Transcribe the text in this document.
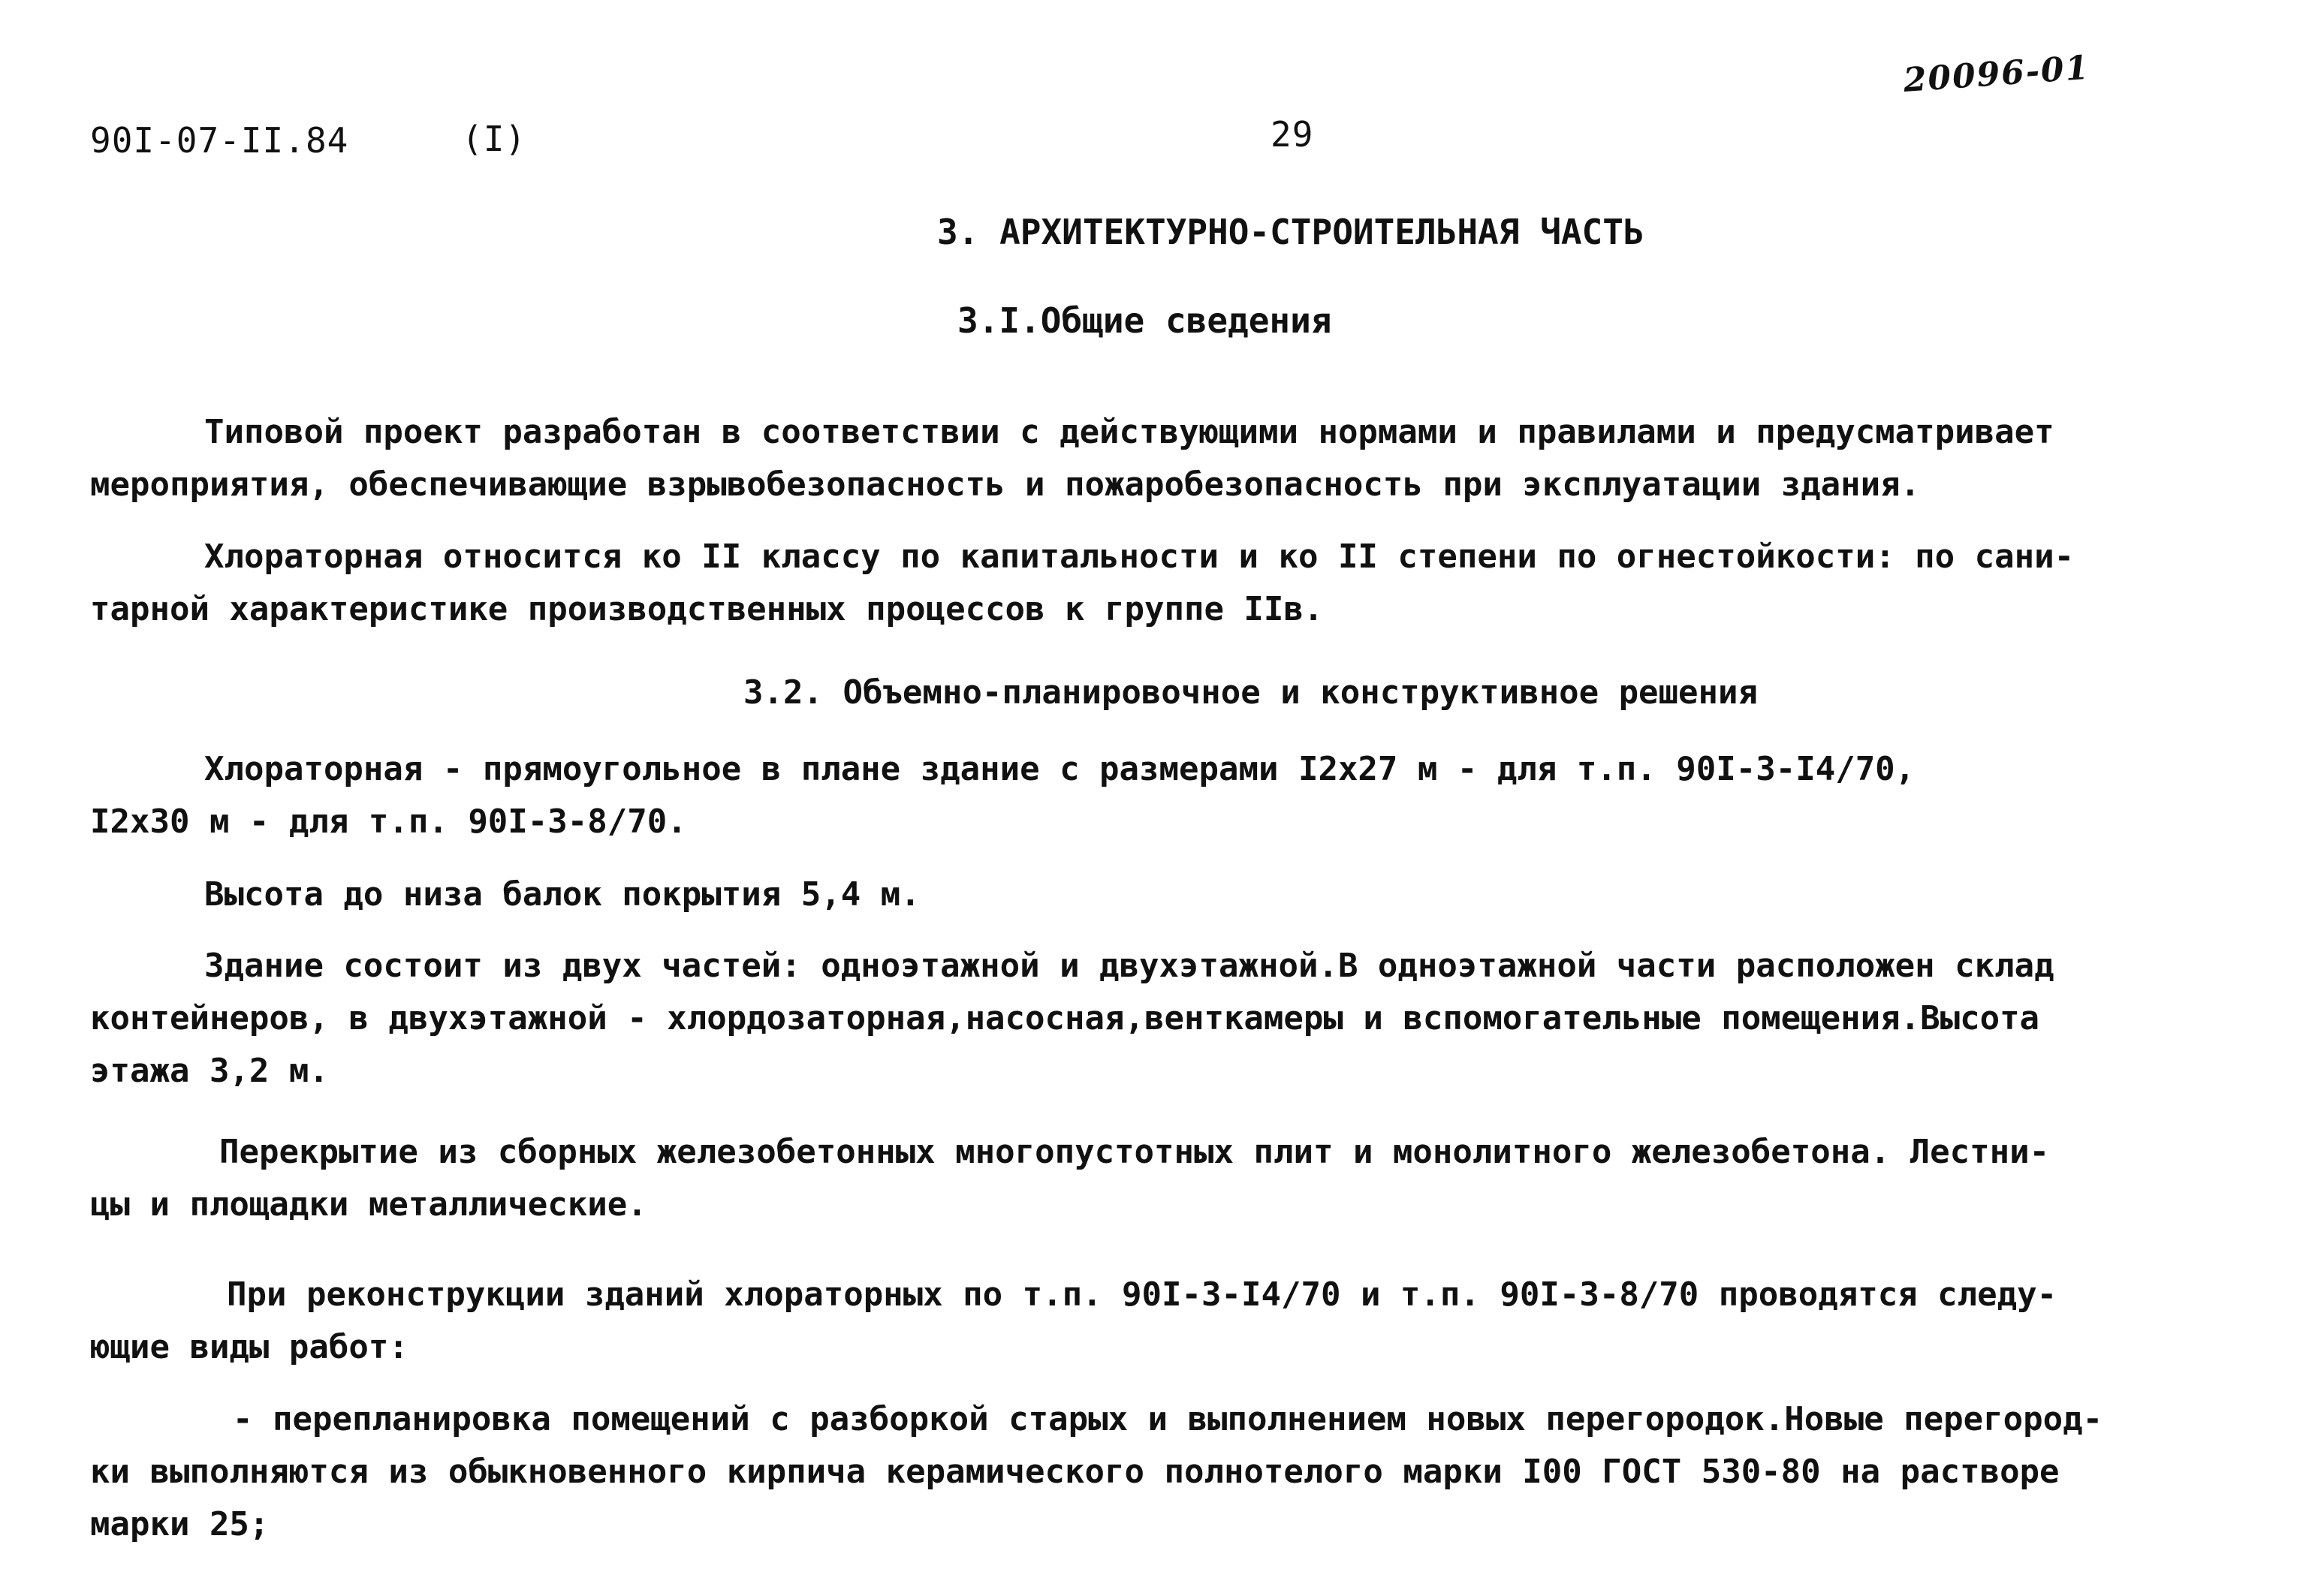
20096-01
90I-07-II.84	(I)	29
3. АРХИТЕКТУРНО-СТРОИТЕЛЬНАЯ ЧАСТЬ
3.I.Общие сведения
Типовой проект разработан в соответствии с действующими нормами и правилами и предусматривает
мероприятия, обеспечивающие взрывобезопасность и пожаробезопасность при эксплуатации здания.
Хлораторная относится ко II классу по капитальности и ко II степени по огнестойкости: по сани-
тарной характеристике производственных процессов к группе IIв.
3.2. Объемно-планировочное и конструктивное решения
Хлораторная - прямоугольное в плане здание с размерами I2х27 м - для т.п. 90I-3-I4/70,
I2х30 м - для т.п. 90I-3-8/70.
Высота до низа балок покрытия 5,4 м.
Здание состоит из двух частей: одноэтажной и двухэтажной.В одноэтажной части расположен склад
контейнеров, в двухэтажной - хлордозаторная,насосная,венткамеры и вспомогательные помещения.Высота
этажа 3,2 м.
Перекрытие из сборных железобетонных многопустотных плит и монолитного железобетона. Лестни-
цы и площадки металлические.
При реконструкции зданий хлораторных по т.п. 90I-3-I4/70 и т.п. 90I-3-8/70 проводятся следу-
ющие виды работ:
- перепланировка помещений с разборкой старых и выполнением новых перегородок.Новые перегород-
ки выполняются из обыкновенного кирпича керамического полнотелого марки I00 ГОСТ 530-80 на растворе
марки 25;
